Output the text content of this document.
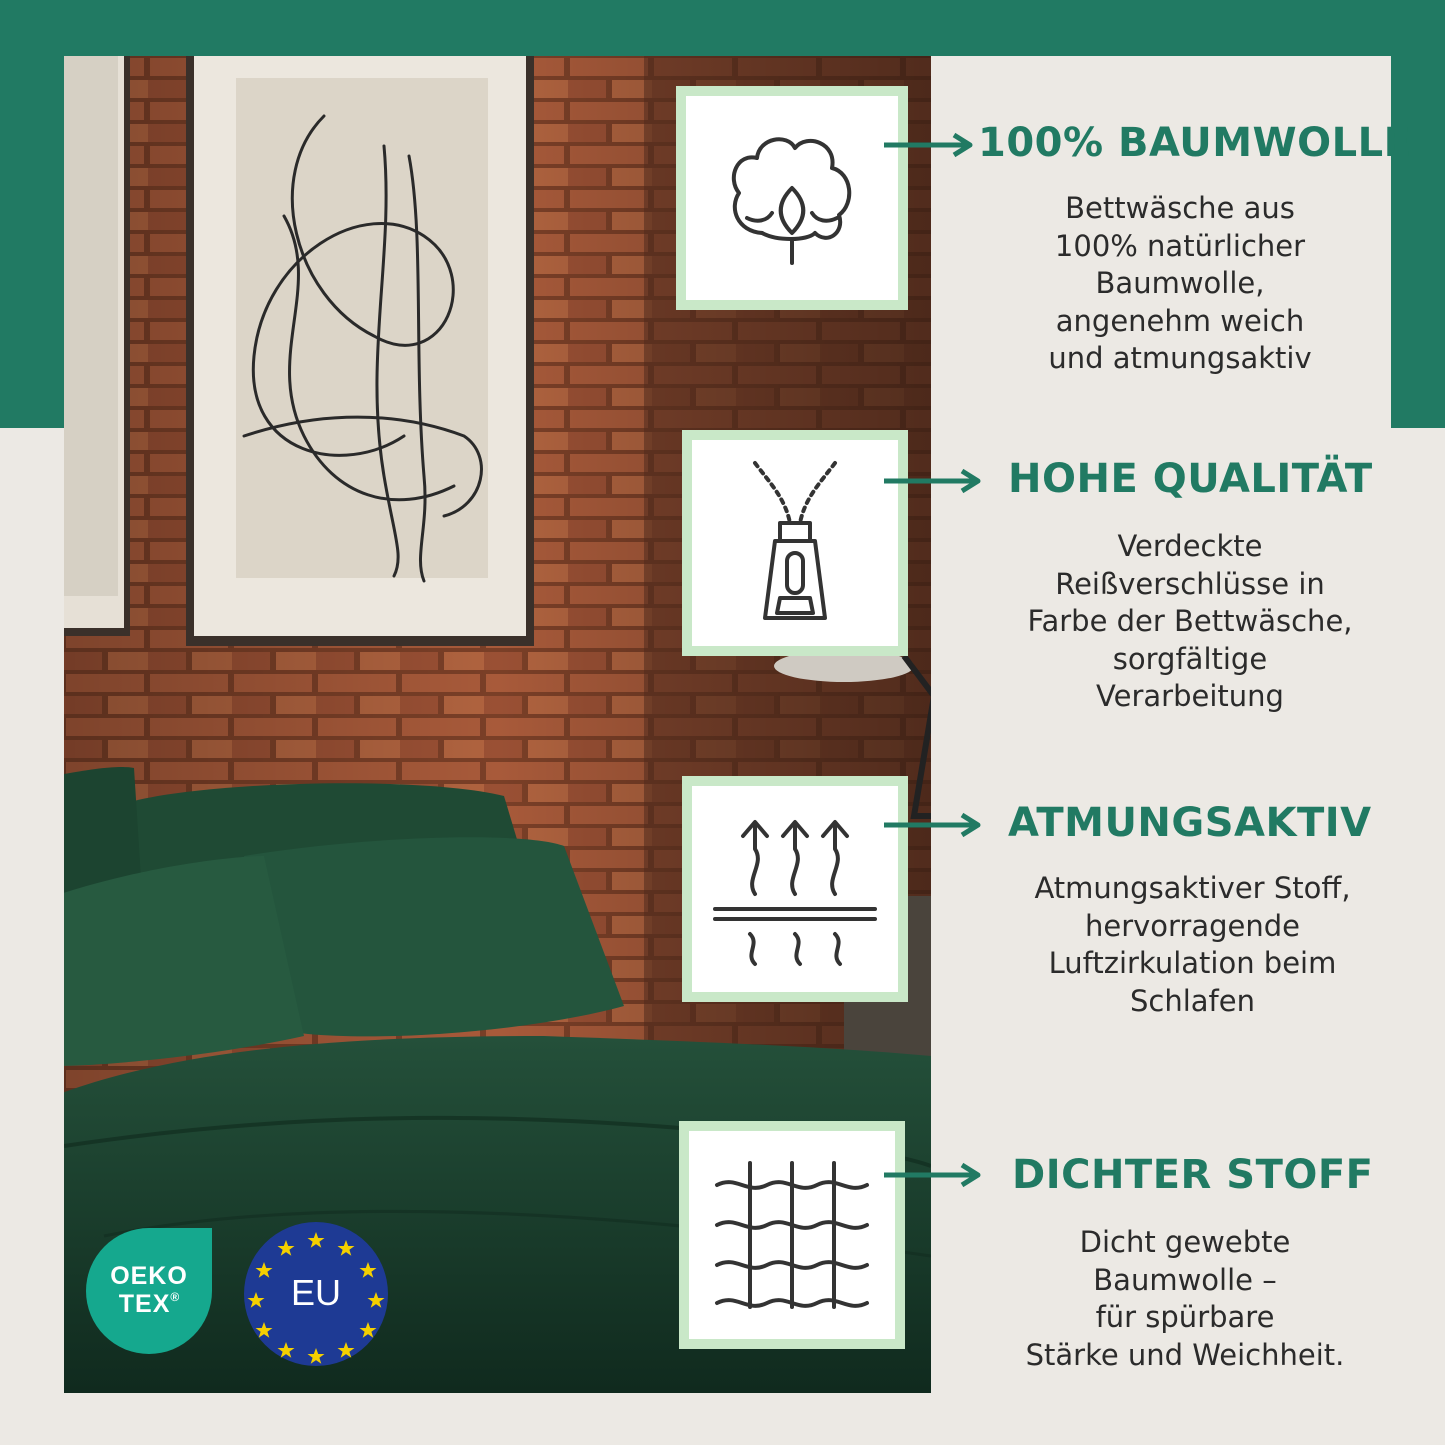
100% BAUMWOLLE
Bettwäsche aus
100% natürlicher
Baumwolle,
angenehm weich
und atmungsaktiv
HOHE QUALITÄT
Verdeckte
Reißverschlüsse in
Farbe der Bettwäsche,
sorgfältige
Verarbeitung
ATMUNGSAKTIV
Atmungsaktiver Stoff,
hervorragende
Luftzirkulation beim
Schlafen
DICHTER STOFF
Dicht gewebte
Baumwolle –
für spürbare
Stärke und Weichheit.
OEKO
TEX®	EU
